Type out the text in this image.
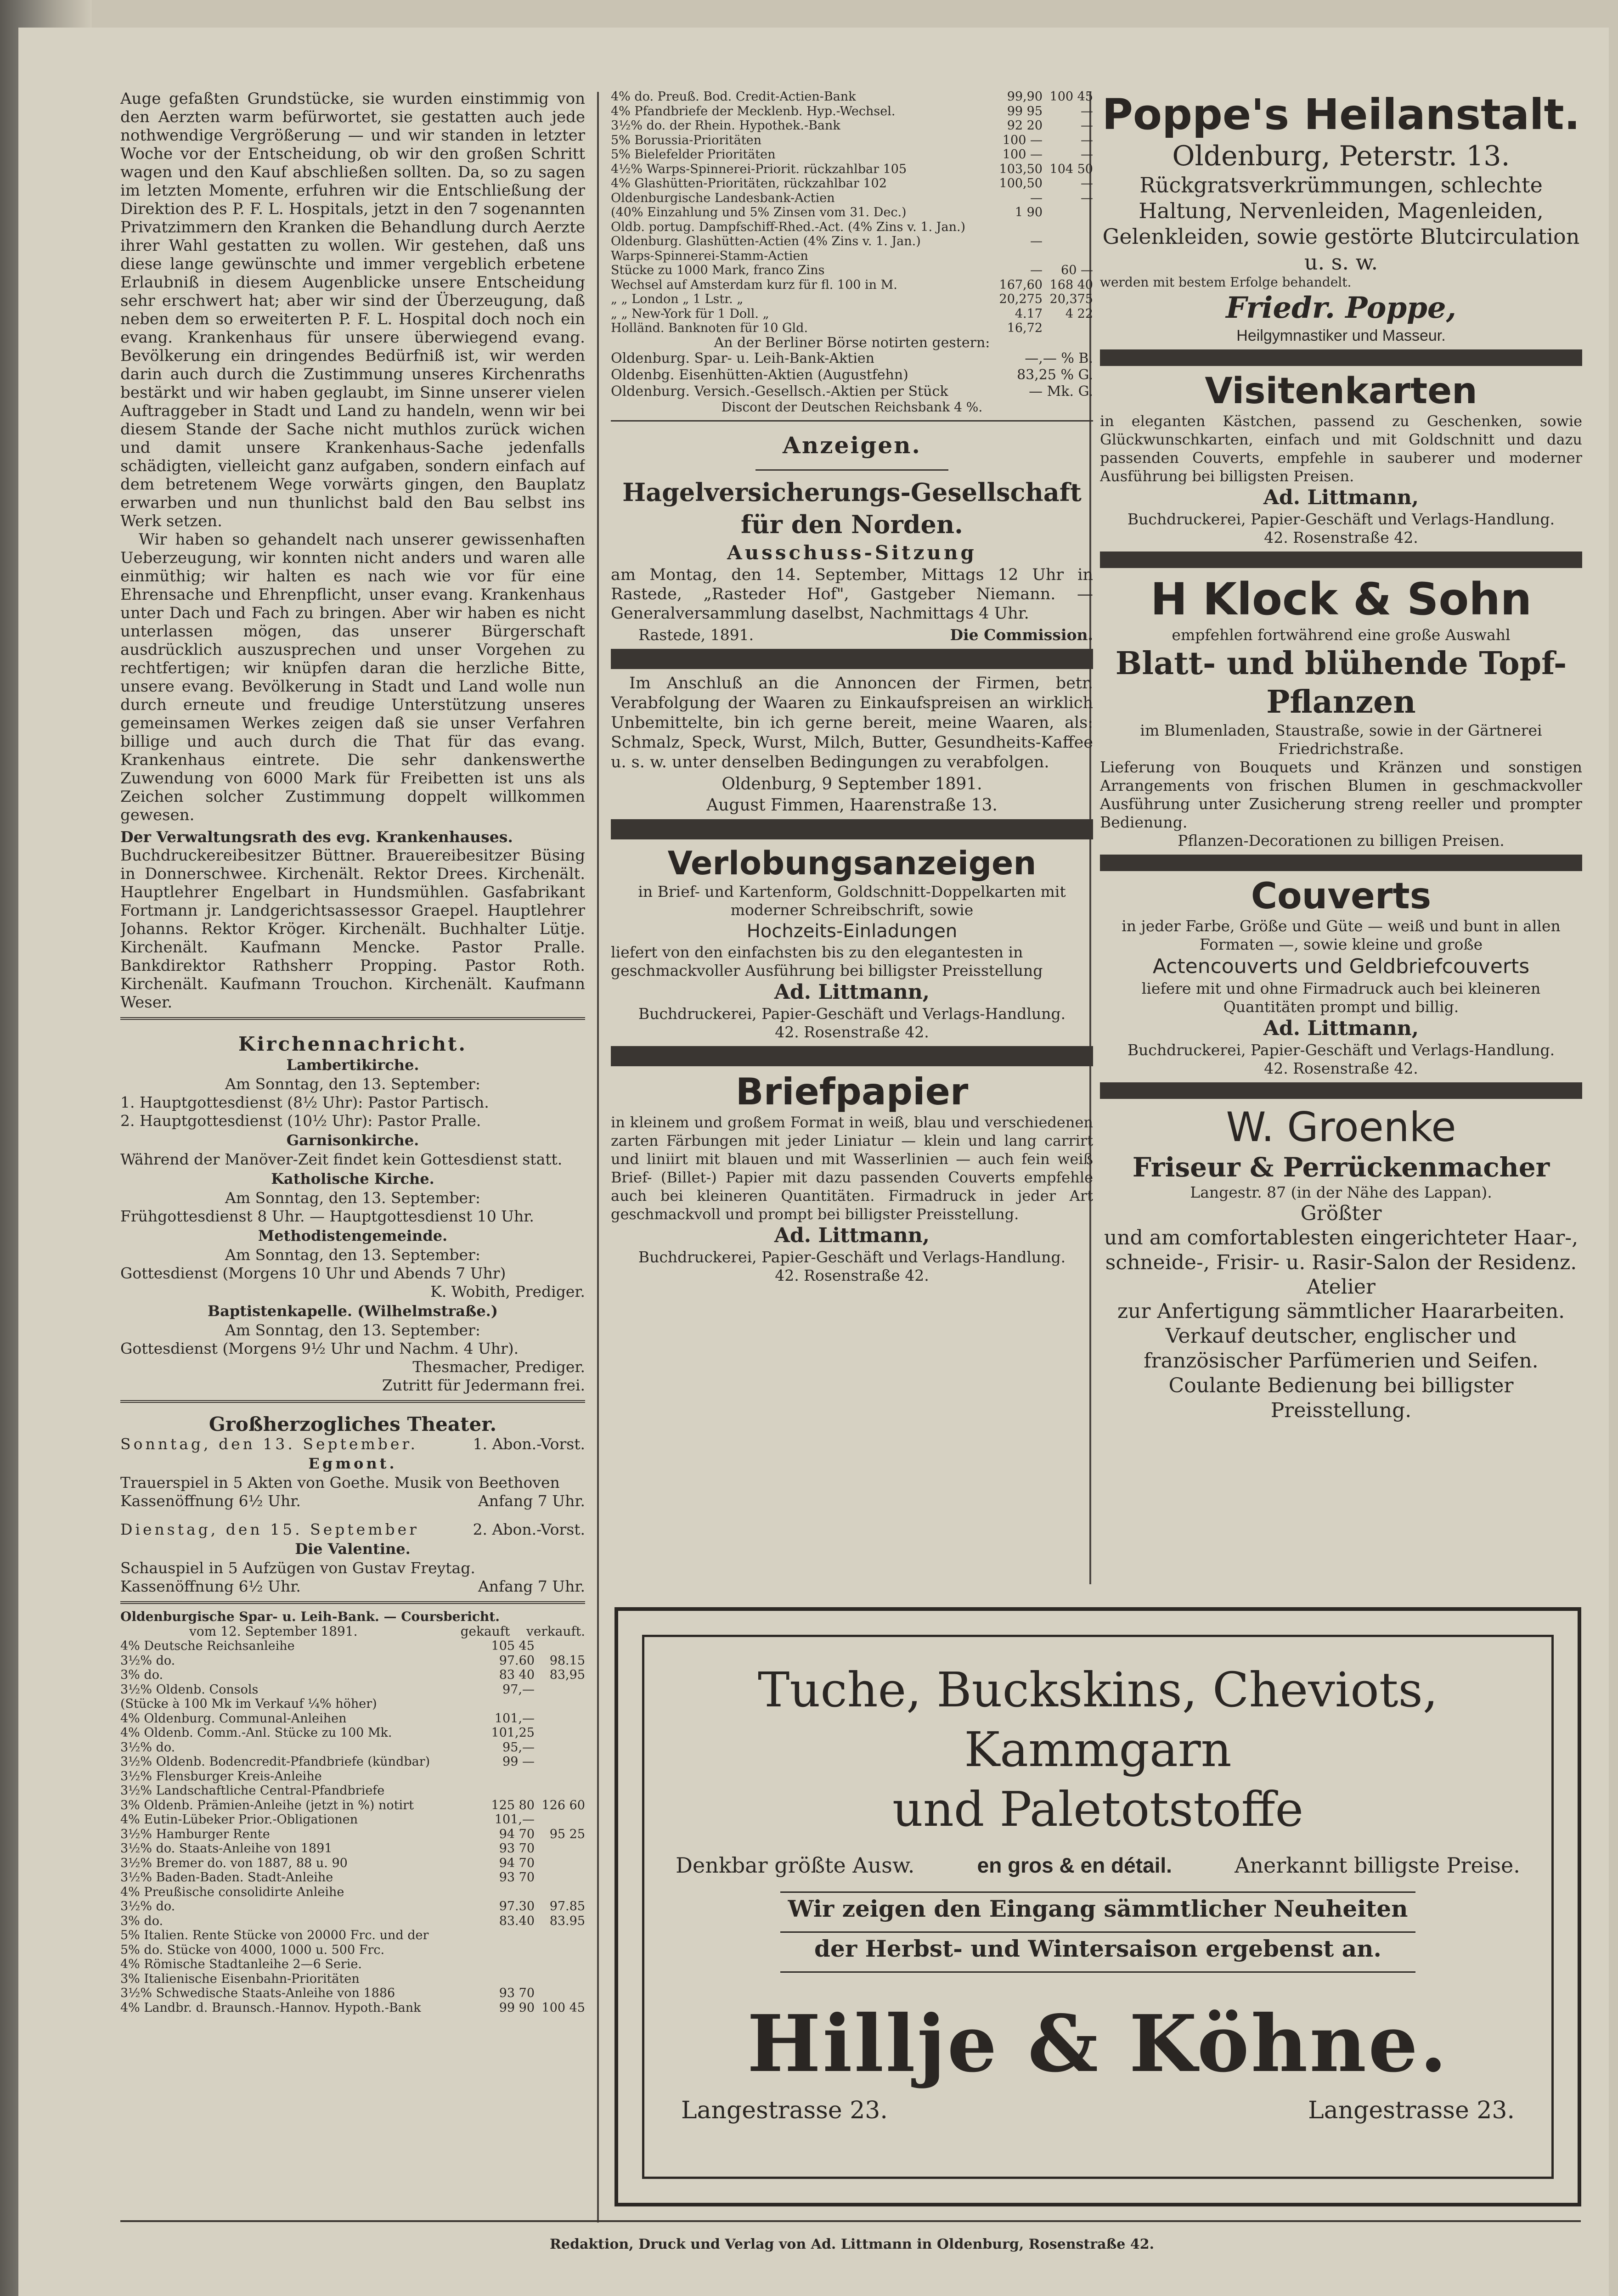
Auge gefaßten Grundstücke, sie wurden einstimmig von den Aerzten warm befürwortet, sie gestatten auch jede nothwendige Vergrößerung — und wir standen in letzter Woche vor der Entscheidung, ob wir den großen Schritt wagen und den Kauf abschließen sollten. Da, so zu sagen im letzten Momente, erfuhren wir die Entschließung der Direktion des P. F. L. Hospitals, jetzt in den 7 sogenannten Privatzimmern den Kranken die Behandlung durch Aerzte ihrer Wahl gestatten zu wollen. Wir gestehen, daß uns diese lange gewünschte und immer vergeblich erbetene Erlaubniß in diesem Augenblicke unsere Entscheidung sehr erschwert hat; aber wir sind der Überzeugung, daß neben dem so erweiterten P. F. L. Hospital doch noch ein evang. Krankenhaus für unsere überwiegend evang. Bevölkerung ein dringendes Bedürfniß ist, wir werden darin auch durch die Zustimmung unseres Kirchenraths bestärkt und wir haben geglaubt, im Sinne unserer vielen Auftraggeber in Stadt und Land zu handeln, wenn wir bei diesem Stande der Sache nicht muthlos zurück wichen und damit unsere Krankenhaus-Sache jedenfalls schädigten, vielleicht ganz aufgaben, sondern einfach auf dem betretenem Wege vorwärts gingen, den Bauplatz erwarben und nun thunlichst bald den Bau selbst ins Werk setzen.

Wir haben so gehandelt nach unserer gewissenhaften Ueberzeugung, wir konnten nicht anders und waren alle einmüthig; wir halten es nach wie vor für eine Ehrensache und Ehrenpflicht, unser evang. Krankenhaus unter Dach und Fach zu bringen. Aber wir haben es nicht unterlassen mögen, das unserer Bürgerschaft ausdrücklich auszusprechen und unser Vorgehen zu rechtfertigen; wir knüpfen daran die herzliche Bitte, unsere evang. Bevölkerung in Stadt und Land wolle nun durch erneute und freudige Unterstützung unseres gemeinsamen Werkes zeigen daß sie unser Verfahren billige und auch durch die That für das evang. Krankenhaus eintrete. Die sehr dankenswerthe Zuwendung von 6000 Mark für Freibetten ist uns als Zeichen solcher Zustimmung doppelt willkommen gewesen.

Der Verwaltungsrath des evg. Krankenhauses.

Buchdruckereibesitzer Büttner. Brauereibesitzer Büsing in Donnerschwee. Kirchenält. Rektor Drees. Kirchenält. Hauptlehrer Engelbart in Hundsmühlen. Gasfabrikant Fortmann jr. Landgerichtsassessor Graepel. Hauptlehrer Johanns. Rektor Kröger. Kirchenält. Buchhalter Lütje. Kirchenält. Kaufmann Mencke. Pastor Pralle. Bankdirektor Rathsherr Propping. Pastor Roth. Kirchenält. Kaufmann Trouchon. Kirchenält. Kaufmann Weser.

Kirchennachricht.

Lambertikirche.

Am Sonntag, den 13. September:

1. Hauptgottesdienst (8½ Uhr): Pastor Partisch.

2. Hauptgottesdienst (10½ Uhr): Pastor Pralle.

Garnisonkirche.

Während der Manöver-Zeit findet kein Gottesdienst statt.

Katholische Kirche.

Am Sonntag, den 13. September:

Frühgottesdienst 8 Uhr. — Hauptgottesdienst 10 Uhr.

Methodistengemeinde.

Am Sonntag, den 13. September:

Gottesdienst (Morgens 10 Uhr und Abends 7 Uhr)

K. Wobith, Prediger.

Baptistenkapelle. (Wilhelmstraße.)

Am Sonntag, den 13. September:

Gottesdienst (Morgens 9½ Uhr und Nachm. 4 Uhr).

Thesmacher, Prediger.

Zutritt für Jedermann frei.

Großherzogliches Theater.

Sonntag, den 13. September.	1. Abon.-Vorst.

Egmont.

Trauerspiel in 5 Akten von Goethe. Musik von Beethoven

Kassenöffnung 6½ Uhr.	Anfang 7 Uhr.
Dienstag, den 15. September	2. Abon.-Vorst.

Die Valentine.

Schauspiel in 5 Aufzügen von Gustav Freytag.

Kassenöffnung 6½ Uhr.	Anfang 7 Uhr.

Oldenburgische Spar- u. Leih-Bank. — Coursbericht.

vom 12. September 1891.	gekauft verkauft.
4% Deutsche Reichsanleihe	105 45	
3½% do.	97.60	98.15
3% do.	83 40	83,95
3½% Oldenb. Consols	97,—	
(Stücke à 100 Mk im Verkauf ¼% höher)		
4% Oldenburg. Communal-Anleihen	101,—	
4% Oldenb. Comm.-Anl. Stücke zu 100 Mk.	101,25	
3½% do.	95,—	
3½% Oldenb. Bodencredit-Pfandbriefe (kündbar)	99 —	
3½% Flensburger Kreis-Anleihe		
3½% Landschaftliche Central-Pfandbriefe		
3% Oldenb. Prämien-Anleihe (jetzt in %) notirt	125 80	126 60
4% Eutin-Lübeker Prior.-Obligationen	101,—	
3½% Hamburger Rente	94 70	95 25
3½% do. Staats-Anleihe von 1891	93 70	
3½% Bremer do. von 1887, 88 u. 90	94 70	
3½% Baden-Baden. Stadt-Anleihe	93 70	
4% Preußische consolidirte Anleihe		
3½% do.	97.30	97.85
3% do.	83.40	83.95
5% Italien. Rente Stücke von 20000 Frc. und der		
5% do. Stücke von 4000, 1000 u. 500 Frc.		
4% Römische Stadtanleihe 2—6 Serie.		
3% Italienische Eisenbahn-Prioritäten		
3½% Schwedische Staats-Anleihe von 1886	93 70	
4% Landbr. d. Braunsch.-Hannov. Hypoth.-Bank	99 90	100 45
4% do. Preuß. Bod. Credit-Actien-Bank	99,90	100 45
4% Pfandbriefe der Mecklenb. Hyp.-Wechsel.	99 95	—
3½% do. der Rhein. Hypothek.-Bank	92 20	—
5% Borussia-Prioritäten	100 —	—
5% Bielefelder Prioritäten	100 —	—
4½% Warps-Spinnerei-Priorit. rückzahlbar 105	103,50	104 50
4% Glashütten-Prioritäten, rückzahlbar 102	100,50	—
Oldenburgische Landesbank-Actien	—	—
(40% Einzahlung und 5% Zinsen vom 31. Dec.)	1 90	
Oldb. portug. Dampfschiff-Rhed.-Act. (4% Zins v. 1. Jan.)		
Oldenburg. Glashütten-Actien (4% Zins v. 1. Jan.)	—	
Warps-Spinnerei-Stamm-Actien		
Stücke zu 1000 Mark, franco Zins	—	60 —
Wechsel auf Amsterdam kurz für fl. 100 in M.	167,60	168 40
„ „ London „ 1 Lstr. „	20,275	20,375
„ „ New-York für 1 Doll. „	4.17	4 22
Holländ. Banknoten für 10 Gld.	16,72	

An der Berliner Börse notirten gestern:

Oldenburg. Spar- u. Leih-Bank-Aktien	—,— % B.
Oldenbg. Eisenhütten-Aktien (Augustfehn)	83,25 % G.
Oldenburg. Versich.-Gesellsch.-Aktien per Stück	— Mk. G.

Discont der Deutschen Reichsbank 4 %.

Anzeigen.

Hagelversicherungs-Gesellschaft für den Norden.

Ausschuss-Sitzung

am Montag, den 14. September, Mittags 12 Uhr in Rastede, „Rasteder Hof", Gastgeber Niemann. — Generalversammlung daselbst, Nachmittags 4 Uhr.

Rastede, 1891.	Die Commission.

Im Anschluß an die Annoncen der Firmen, betr. Verabfolgung der Waaren zu Einkaufspreisen an wirklich Unbemittelte, bin ich gerne bereit, meine Waaren, als: Schmalz, Speck, Wurst, Milch, Butter, Gesundheits-Kaffee u. s. w. unter denselben Bedingungen zu verabfolgen.

Oldenburg, 9 September 1891.

August Fimmen, Haarenstraße 13.

Verlobungsanzeigen

in Brief- und Kartenform, Goldschnitt-Doppelkarten mit moderner Schreibschrift, sowie

Hochzeits-Einladungen

liefert von den einfachsten bis zu den elegantesten in geschmackvoller Ausführung bei billigster Preisstellung

Ad. Littmann,

Buchdruckerei, Papier-Geschäft und Verlags-Handlung.

42. Rosenstraße 42.

Briefpapier

in kleinem und großem Format in weiß, blau und verschiedenen zarten Färbungen mit jeder Liniatur — klein und lang carrirt und liniirt mit blauen und mit Wasserlinien — auch fein weiß Brief- (Billet-) Papier mit dazu passenden Couverts empfehle auch bei kleineren Quantitäten. Firmadruck in jeder Art geschmackvoll und prompt bei billigster Preisstellung.

Ad. Littmann,

Buchdruckerei, Papier-Geschäft und Verlags-Handlung.

42. Rosenstraße 42.

Poppe's Heilanstalt.

Oldenburg, Peterstr. 13.

Rückgratsverkrümmungen, schlechte Haltung, Nervenleiden, Magenleiden, Gelenkleiden, sowie gestörte Blutcirculation u. s. w.

werden mit bestem Erfolge behandelt.

Friedr. Poppe,

Heilgymnastiker und Masseur.

Visitenkarten

in eleganten Kästchen, passend zu Geschenken, sowie Glückwunschkarten, einfach und mit Goldschnitt und dazu passenden Couverts, empfehle in sauberer und moderner Ausführung bei billigsten Preisen.

Ad. Littmann,

Buchdruckerei, Papier-Geschäft und Verlags-Handlung.

42. Rosenstraße 42.

H Klock & Sohn

empfehlen fortwährend eine große Auswahl

Blatt- und blühende Topf-Pflanzen

im Blumenladen, Staustraße, sowie in der Gärtnerei Friedrichstraße.

Lieferung von Bouquets und Kränzen und sonstigen Arrangements von frischen Blumen in geschmackvoller Ausführung unter Zusicherung streng reeller und prompter Bedienung.

Pflanzen-Decorationen zu billigen Preisen.

Couverts

in jeder Farbe, Größe und Güte — weiß und bunt in allen Formaten —, sowie kleine und große

Actencouverts und Geldbriefcouverts

liefere mit und ohne Firmadruck auch bei kleineren Quantitäten prompt und billig.

Ad. Littmann,

Buchdruckerei, Papier-Geschäft und Verlags-Handlung.

42. Rosenstraße 42.

W. Groenke

Friseur & Perrückenmacher

Langestr. 87 (in der Nähe des Lappan).

Größter

und am comfortablesten eingerichteter Haar-, schneide-, Frisir- u. Rasir-Salon der Residenz.

Atelier

zur Anfertigung sämmtlicher Haararbeiten. Verkauf deutscher, englischer und französischer Parfümerien und Seifen. Coulante Bedienung bei billigster Preisstellung.

Tuche, Buckskins, Cheviots, Kammgarn

und Paletotstoffe

Denkbar größte Ausw.	en gros & en détail.	Anerkannt billigste Preise.

Wir zeigen den Eingang sämmtlicher Neuheiten

der Herbst- und Wintersaison ergebenst an.

Hillje & Köhne.

Langestrasse 23.	Langestrasse 23.
Redaktion, Druck und Verlag von Ad. Littmann in Oldenburg, Rosenstraße 42.
